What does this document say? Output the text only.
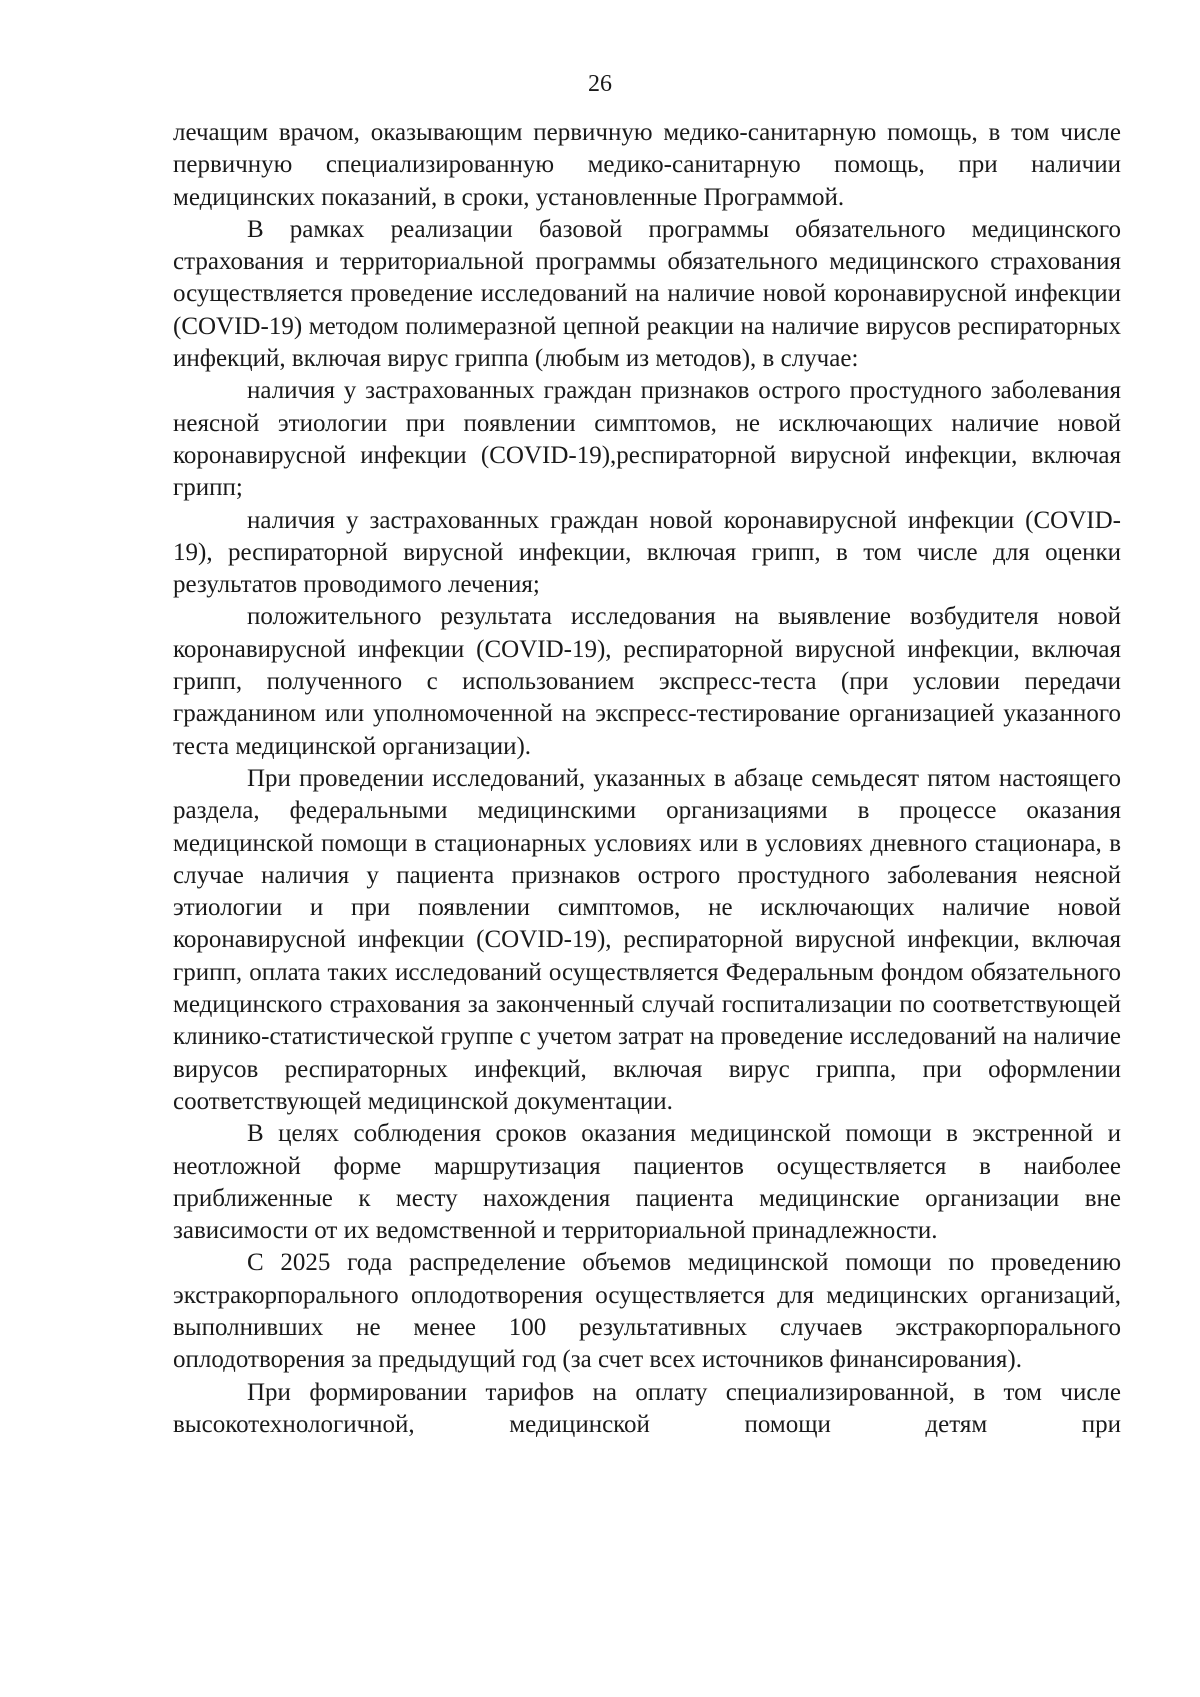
26

лечащим врачом, оказывающим первичную медико-санитарную помощь, в том числе первичную специализированную медико-санитарную помощь, при наличии медицинских показаний, в сроки, установленные Программой.

В рамках реализации базовой программы обязательного медицинского страхования и территориальной программы обязательного медицинского страхования осуществляется проведение исследований на наличие новой коронавирусной инфекции (COVID-19) методом полимеразной цепной реакции на наличие вирусов респираторных инфекций, включая вирус гриппа (любым из методов), в случае:

наличия у застрахованных граждан признаков острого простудного заболевания неясной этиологии при появлении симптомов, не исключающих наличие новой коронавирусной инфекции (COVID-19),респираторной вирусной инфекции, включая грипп;

наличия у застрахованных граждан новой коронавирусной инфекции (COVID-19), респираторной вирусной инфекции, включая грипп, в том числе для оценки результатов проводимого лечения;

положительного результата исследования на выявление возбудителя новой коронавирусной инфекции (COVID-19), респираторной вирусной инфекции, включая грипп, полученного с использованием экспресс-теста (при условии передачи гражданином или уполномоченной на экспресс-тестирование организацией указанного теста медицинской организации).

При проведении исследований, указанных в абзаце семьдесят пятом настоящего раздела, федеральными медицинскими организациями в процессе оказания медицинской помощи в стационарных условиях или в условиях дневного стационара, в случае наличия у пациента признаков острого простудного заболевания неясной этиологии и при появлении симптомов, не исключающих наличие новой коронавирусной инфекции (COVID-19), респираторной вирусной инфекции, включая грипп, оплата таких исследований осуществляется Федеральным фондом обязательного медицинского страхования за законченный случай госпитализации по соответствующей клинико-статистической группе с учетом затрат на проведение исследований на наличие вирусов респираторных инфекций, включая вирус гриппа, при оформлении соответствующей медицинской документации.

В целях соблюдения сроков оказания медицинской помощи в экстренной и неотложной форме маршрутизация пациентов осуществляется в наиболее приближенные к месту нахождения пациента медицинские организации вне зависимости от их ведомственной и территориальной принадлежности.

С 2025 года распределение объемов медицинской помощи по проведению экстракорпорального оплодотворения осуществляется для медицинских организаций, выполнивших не менее 100 результативных случаев экстракорпорального оплодотворения за предыдущий год (за счет всех источников финансирования).

При формировании тарифов на оплату специализированной, в том числе высокотехнологичной, медицинской помощи детям при
